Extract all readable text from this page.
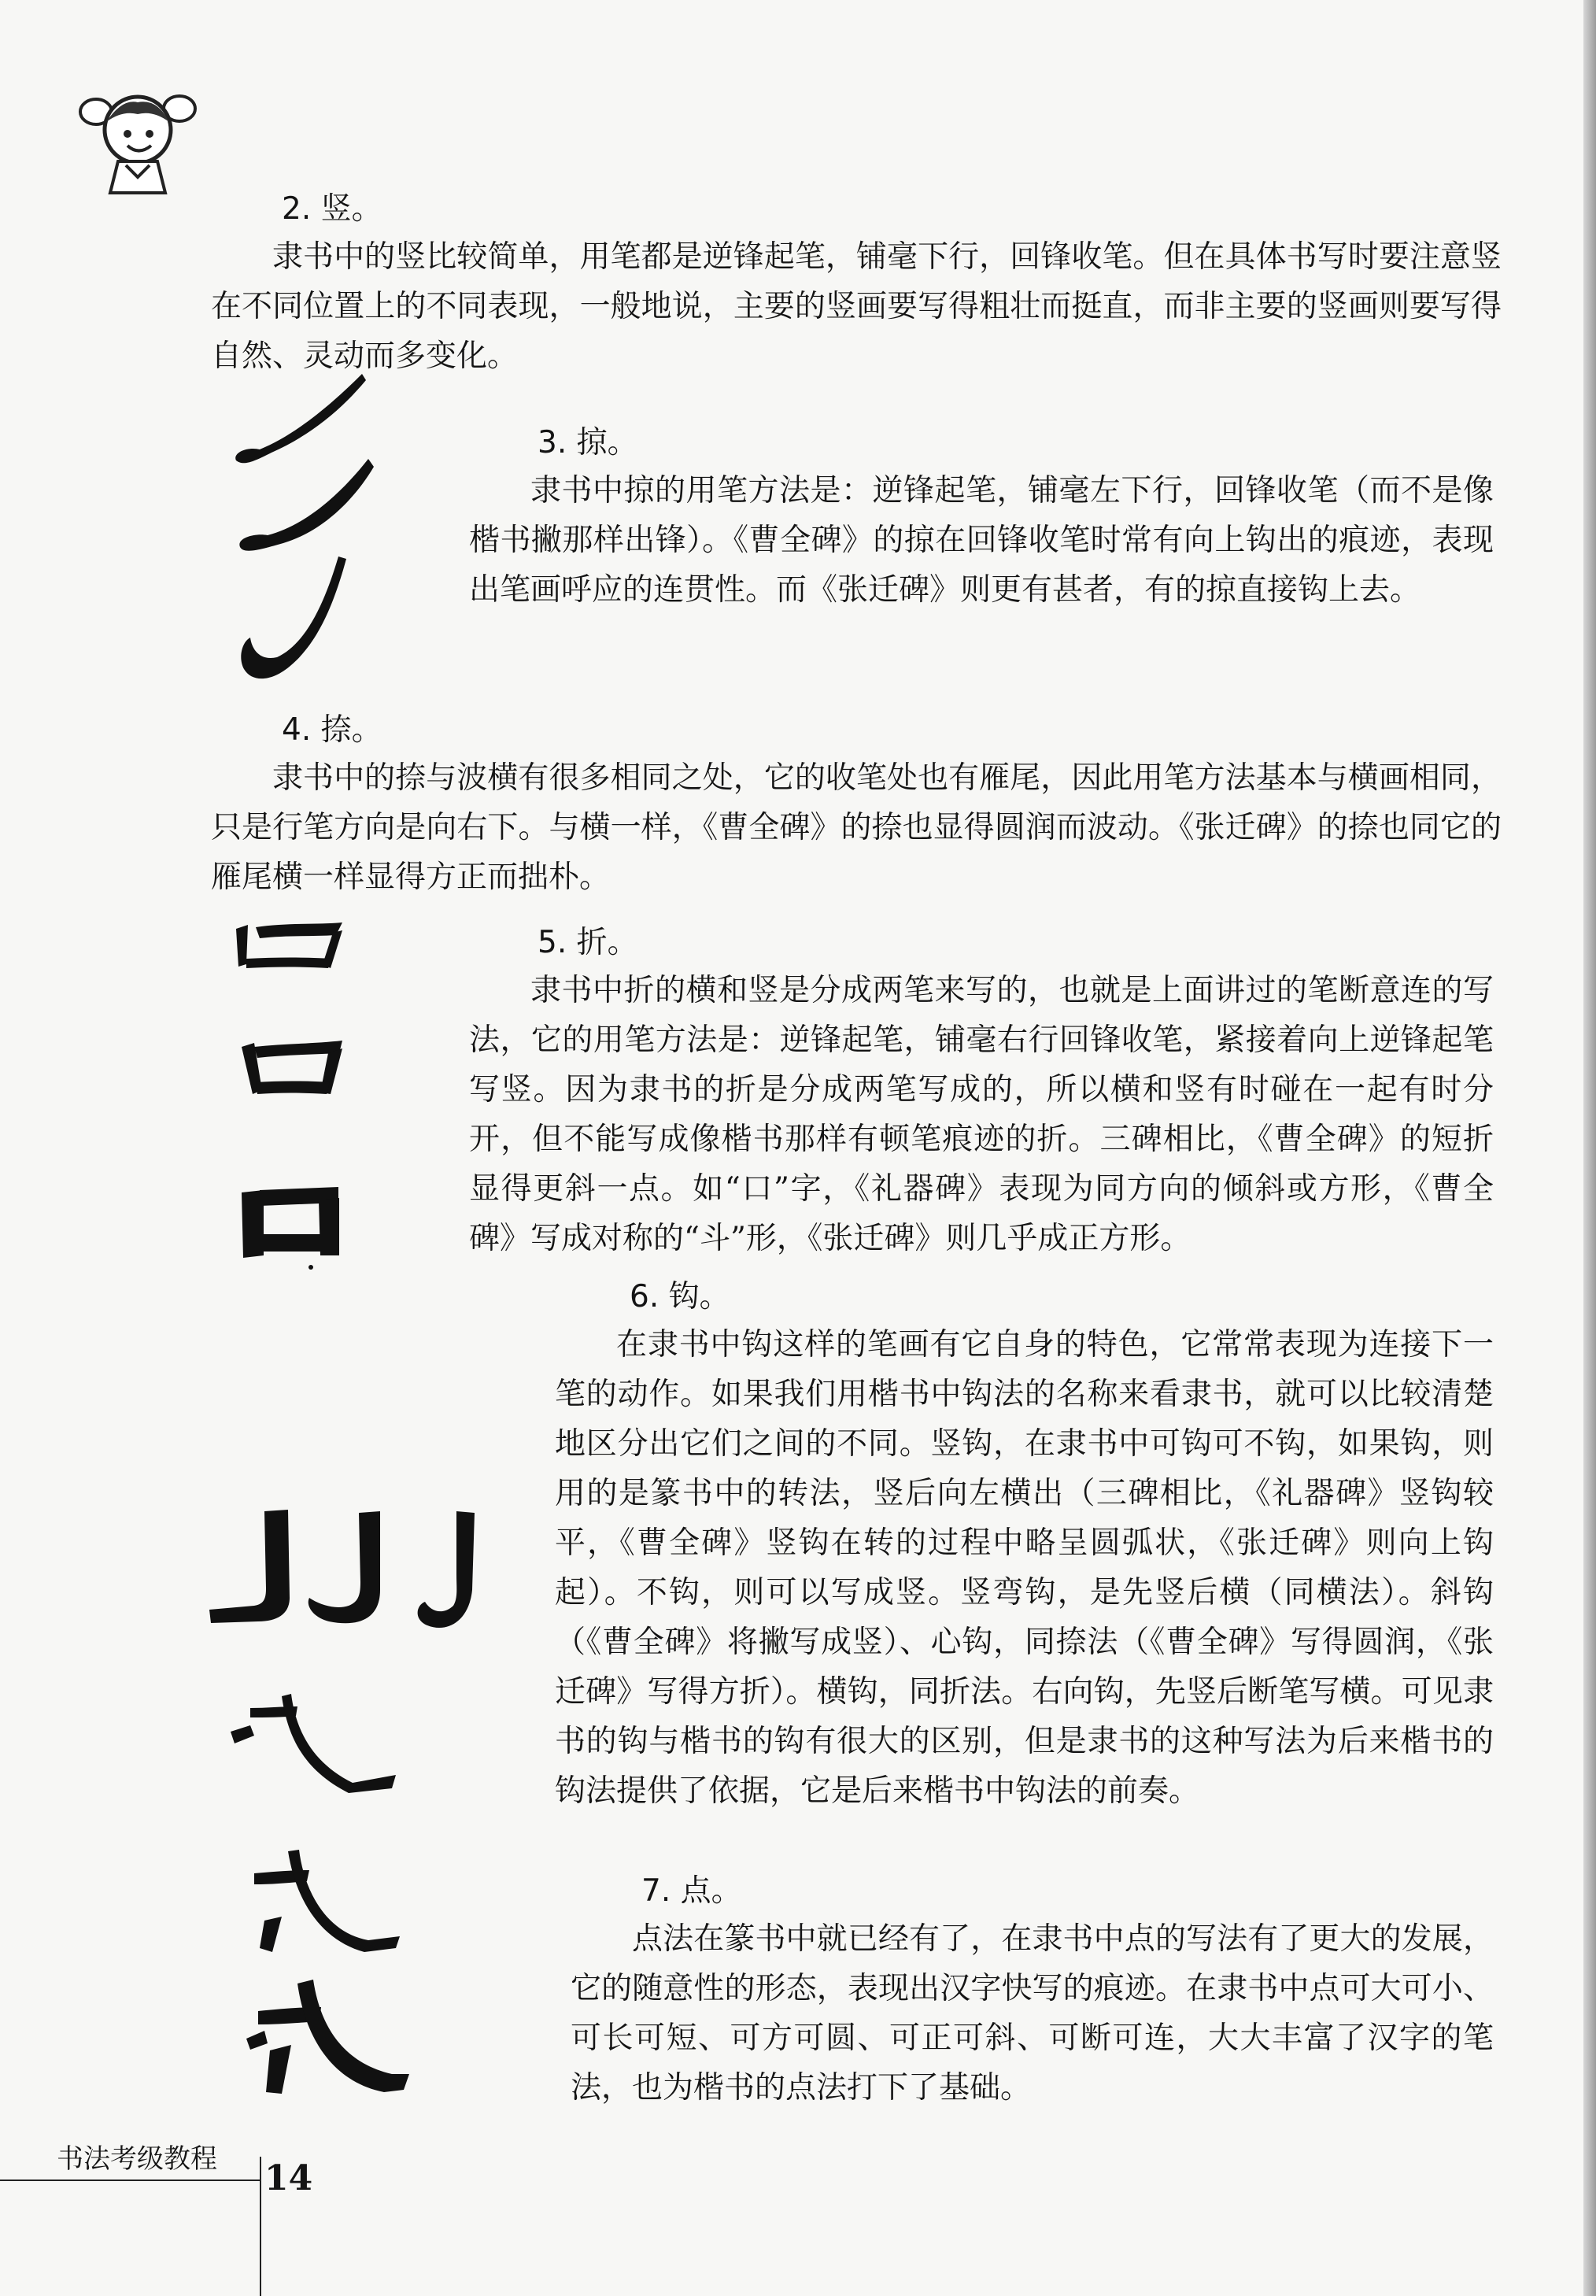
2. 竖。

隶书中的竖比较简单，用笔都是逆锋起笔，铺毫下行，回锋收笔。但在具体书写时要注意竖在不同位置上的不同表现，一般地说，主要的竖画要写得粗壮而挺直，而非主要的竖画则要写得自然、灵动而多变化。

3. 掠。

隶书中掠的用笔方法是：逆锋起笔，铺毫左下行，回锋收笔（而不是像楷书撇那样出锋）。《曹全碑》的掠在回锋收笔时常有向上钩出的痕迹，表现出笔画呼应的连贯性。而《张迁碑》则更有甚者，有的掠直接钩上去。

4. 捺。

隶书中的捺与波横有很多相同之处，它的收笔处也有雁尾，因此用笔方法基本与横画相同，只是行笔方向是向右下。与横一样，《曹全碑》的捺也显得圆润而波动。《张迁碑》的捺也同它的雁尾横一样显得方正而拙朴。

5. 折。

隶书中折的横和竖是分成两笔来写的，也就是上面讲过的笔断意连的写法，它的用笔方法是：逆锋起笔，铺毫右行回锋收笔，紧接着向上逆锋起笔写竖。因为隶书的折是分成两笔写成的，所以横和竖有时碰在一起有时分开，但不能写成像楷书那样有顿笔痕迹的折。三碑相比，《曹全碑》的短折显得更斜一点。如“口”字，《礼器碑》表现为同方向的倾斜或方形，《曹全碑》写成对称的“斗”形，《张迁碑》则几乎成正方形。

6. 钩。

在隶书中钩这样的笔画有它自身的特色，它常常表现为连接下一笔的动作。如果我们用楷书中钩法的名称来看隶书，就可以比较清楚地区分出它们之间的不同。竖钩，在隶书中可钩可不钩，如果钩，则用的是篆书中的转法，竖后向左横出（三碑相比，《礼器碑》竖钩较平，《曹全碑》竖钩在转的过程中略呈圆弧状，《张迁碑》则向上钩起）。不钩，则可以写成竖。竖弯钩，是先竖后横（同横法）。斜钩（《曹全碑》将撇写成竖）、心钩，同捺法（《曹全碑》写得圆润，《张迁碑》写得方折）。横钩，同折法。右向钩，先竖后断笔写横。可见隶书的钩与楷书的钩有很大的区别，但是隶书的这种写法为后来楷书的钩法提供了依据，它是后来楷书中钩法的前奏。

7. 点。

点法在篆书中就已经有了，在隶书中点的写法有了更大的发展，它的随意性的形态，表现出汉字快写的痕迹。在隶书中点可大可小、可长可短、可方可圆、可正可斜、可断可连，大大丰富了汉字的笔法，也为楷书的点法打下了基础。

书法考级教程 14
